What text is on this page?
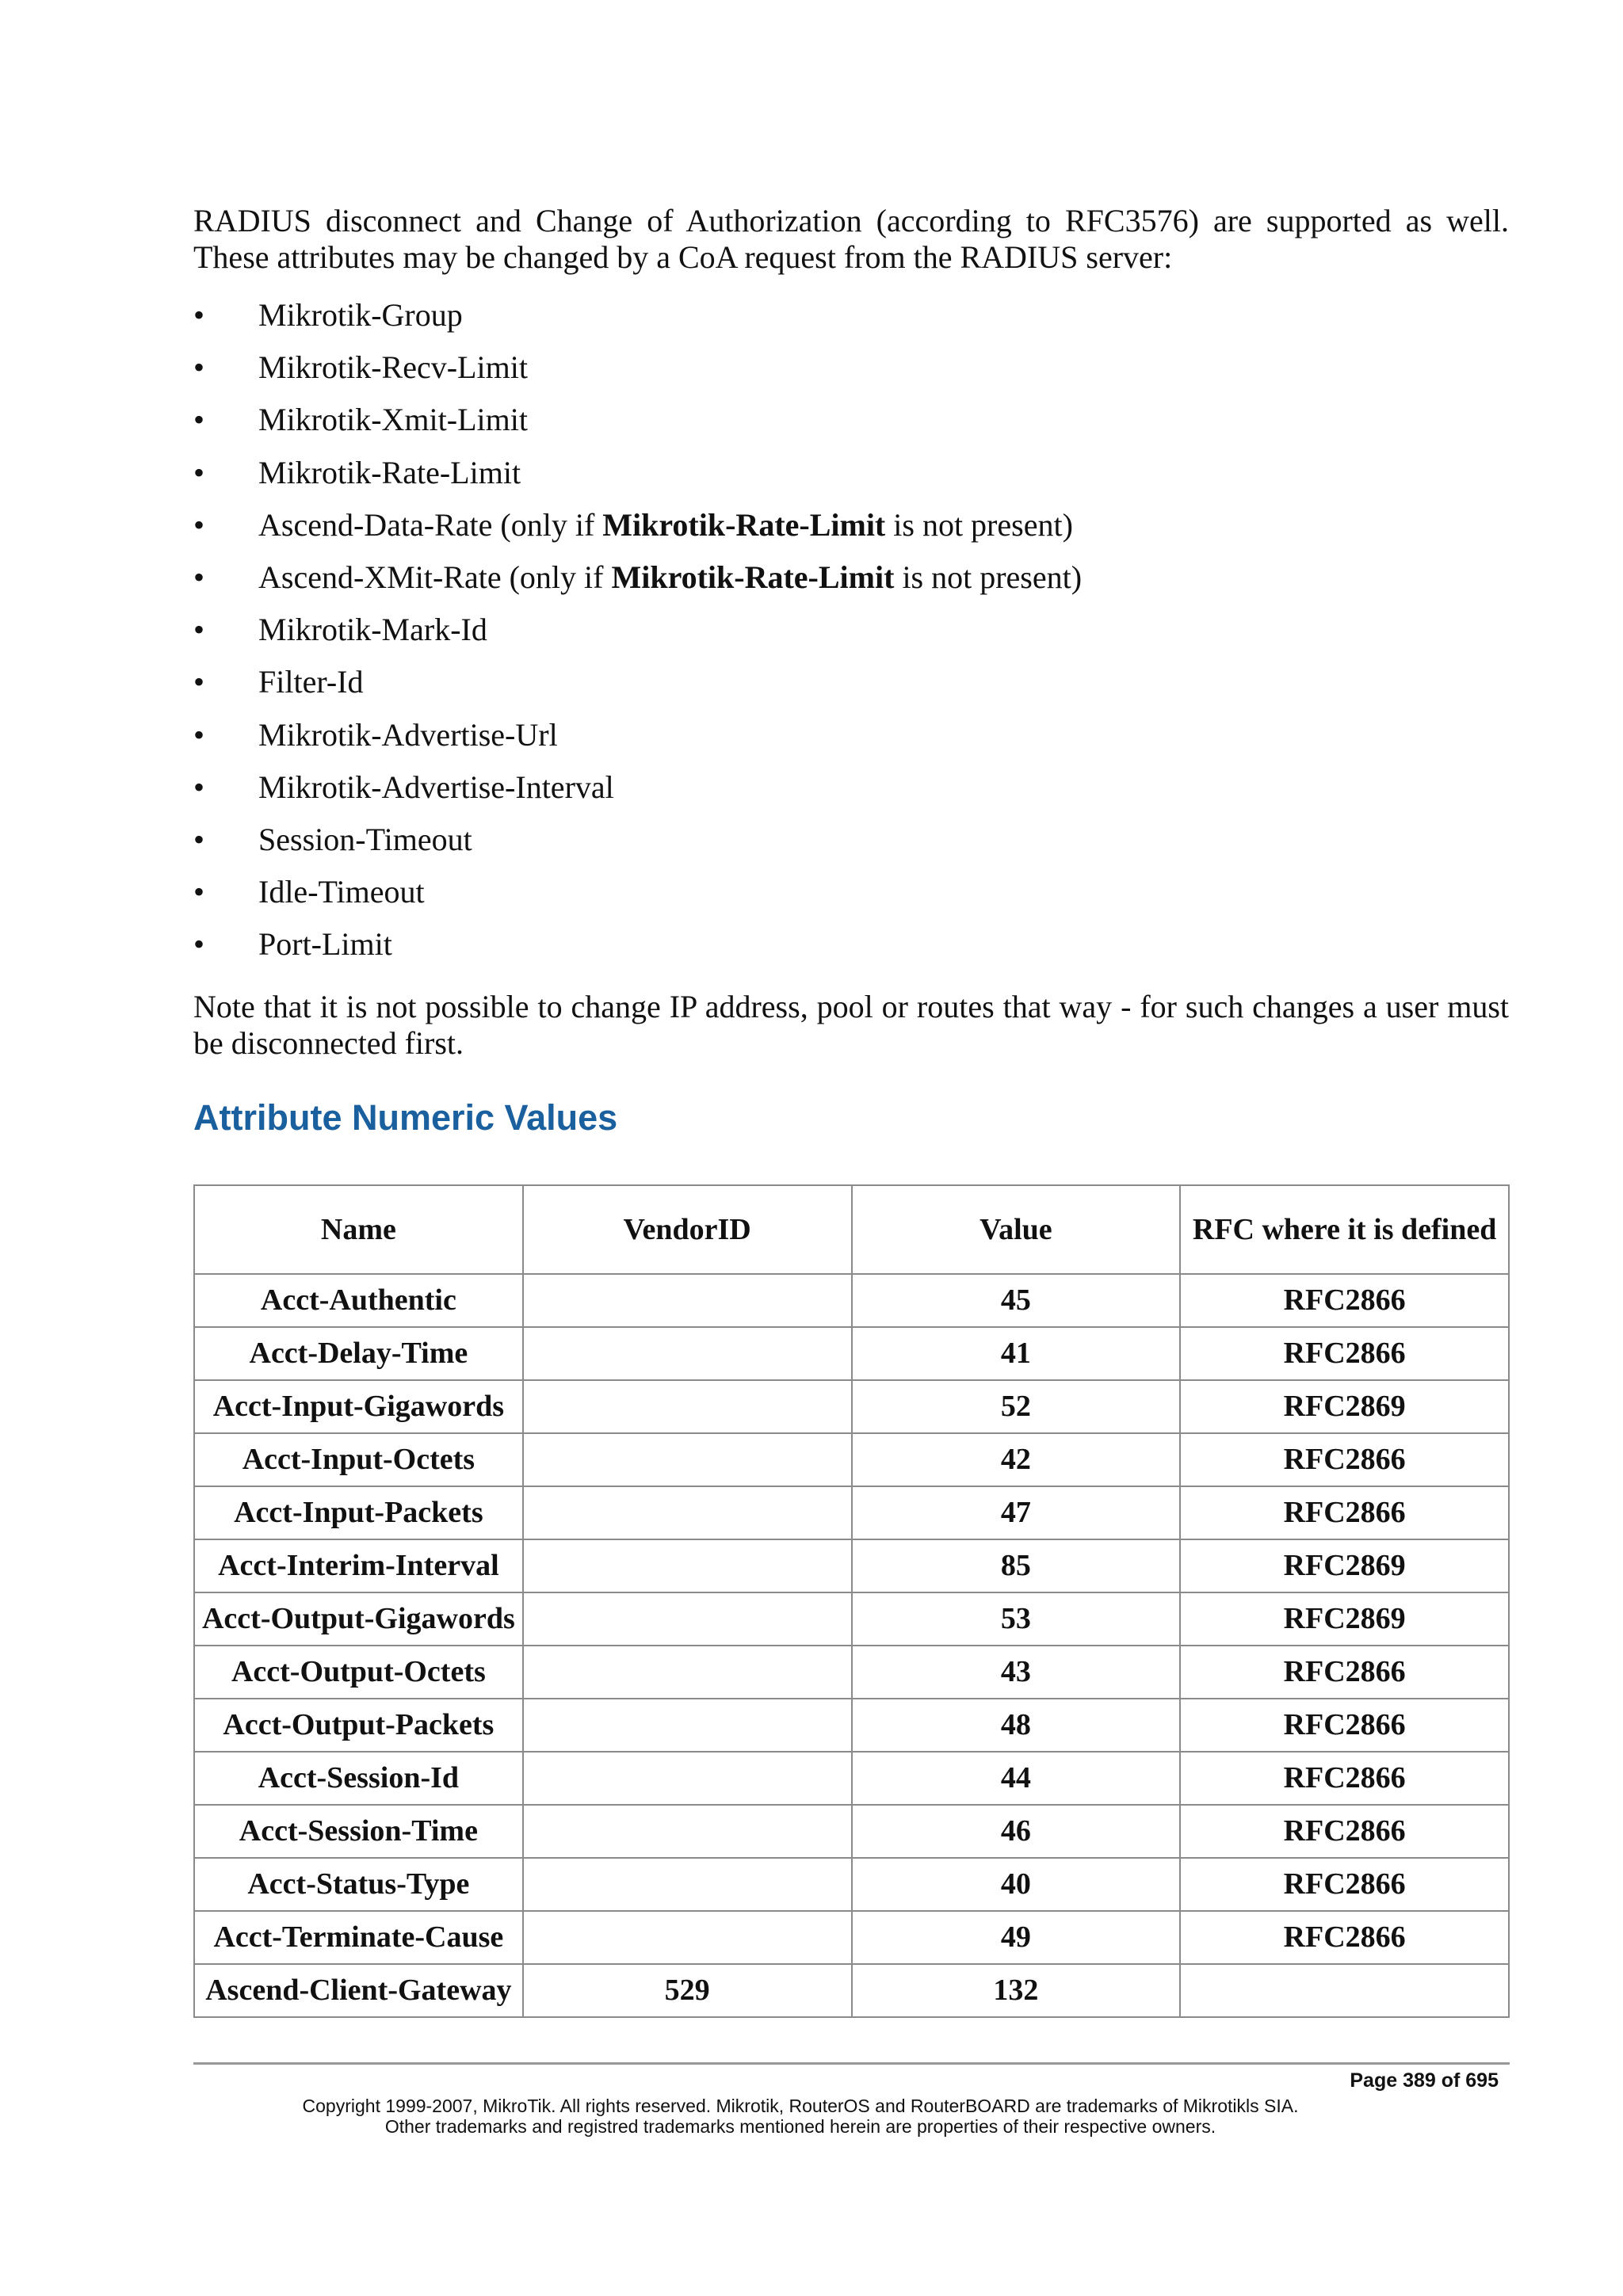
RADIUS disconnect and Change of Authorization (according to RFC3576) are supported as well. These attributes may be changed by a CoA request from the RADIUS server:

•	Mikrotik-Group
•	Mikrotik-Recv-Limit
•	Mikrotik-Xmit-Limit
•	Mikrotik-Rate-Limit
•	Ascend-Data-Rate (only if Mikrotik-Rate-Limit is not present)
•	Ascend-XMit-Rate (only if Mikrotik-Rate-Limit is not present)
•	Mikrotik-Mark-Id
•	Filter-Id
•	Mikrotik-Advertise-Url
•	Mikrotik-Advertise-Interval
•	Session-Timeout
•	Idle-Timeout
•	Port-Limit

Note that it is not possible to change IP address, pool or routes that way - for such changes a user must be disconnected first.

Attribute Numeric Values
Name	VendorID	Value	RFC where it is defined
Acct-Authentic		45	RFC2866
Acct-Delay-Time		41	RFC2866
Acct-Input-Gigawords		52	RFC2869
Acct-Input-Octets		42	RFC2866
Acct-Input-Packets		47	RFC2866
Acct-Interim-Interval		85	RFC2869
Acct-Output-Gigawords		53	RFC2869
Acct-Output-Octets		43	RFC2866
Acct-Output-Packets		48	RFC2866
Acct-Session-Id		44	RFC2866
Acct-Session-Time		46	RFC2866
Acct-Status-Type		40	RFC2866
Acct-Terminate-Cause		49	RFC2866
Ascend-Client-Gateway	529	132	
Page 389 of 695
Copyright 1999-2007, MikroTik. All rights reserved. Mikrotik, RouterOS and RouterBOARD are trademarks of Mikrotikls SIA.
Other trademarks and registred trademarks mentioned herein are properties of their respective owners.
